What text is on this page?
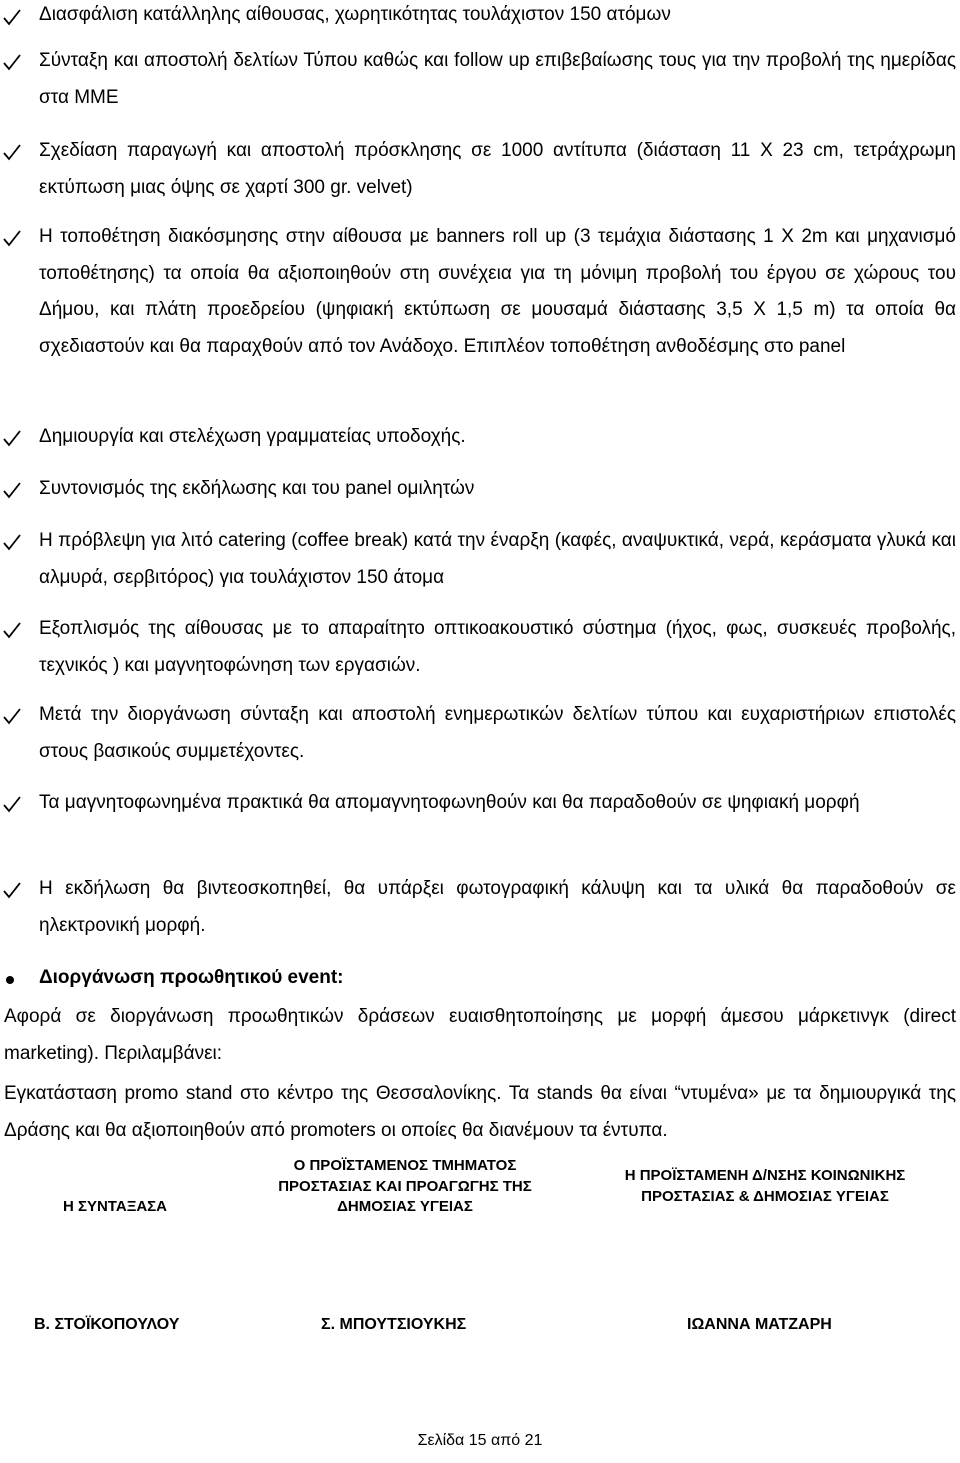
Διασφάλιση κατάλληλης αίθουσας, χωρητικότητας τουλάχιστον 150 ατόμων

Σύνταξη και αποστολή δελτίων Τύπου καθώς και follow up επιβεβαίωσης τους για την προβολή της ημερίδας στα ΜΜΕ

Σχεδίαση παραγωγή και αποστολή πρόσκλησης σε 1000 αντίτυπα (διάσταση 11 Χ 23 cm, τετράχρωμη εκτύπωση μιας όψης σε χαρτί 300 gr. velvet)

Η τοποθέτηση διακόσμησης στην αίθουσα με banners roll up (3 τεμάχια διάστασης 1 Χ 2m και μηχανισμό τοποθέτησης) τα οποία θα αξιοποιηθούν στη συνέχεια για τη μόνιμη προβολή του έργου σε χώρους του Δήμου, και πλάτη προεδρείου (ψηφιακή εκτύπωση σε μουσαμά διάστασης 3,5 Χ 1,5 m) τα οποία θα σχεδιαστούν και θα παραχθούν από τον Ανάδοχο. Επιπλέον τοποθέτηση ανθοδέσμης στο panel

Δημιουργία και στελέχωση γραμματείας υποδοχής.

Συντονισμός της εκδήλωσης και του panel ομιλητών

Η πρόβλεψη για λιτό catering (coffee break) κατά την έναρξη (καφές, αναψυκτικά, νερά, κεράσματα γλυκά και αλμυρά, σερβιτόρος) για τουλάχιστον 150 άτομα

Εξοπλισμός της αίθουσας με το απαραίτητο οπτικοακουστικό σύστημα (ήχος, φως, συσκευές προβολής, τεχνικός ) και μαγνητοφώνηση των εργασιών.

Μετά την διοργάνωση σύνταξη και αποστολή ενημερωτικών δελτίων τύπου και ευχαριστήριων επιστολές στους βασικούς συμμετέχοντες.

Τα μαγνητοφωνημένα πρακτικά θα απομαγνητοφωνηθούν και θα παραδοθούν σε ψηφιακή μορφή

Η εκδήλωση θα βιντεοσκοπηθεί, θα υπάρξει φωτογραφική κάλυψη και τα υλικά θα παραδοθούν σε ηλεκτρονική μορφή.

Διοργάνωση προωθητικού event:

Αφορά σε διοργάνωση προωθητικών δράσεων ευαισθητοποίησης με μορφή άμεσου μάρκετινγκ (direct marketing). Περιλαμβάνει:

Εγκατάσταση promo stand στο κέντρο της Θεσσαλονίκης. Τα stands θα είναι “ντυμένα» με τα δημιουργικά της Δράσης και θα αξιοποιηθούν από promoters οι οποίες θα διανέμουν τα έντυπα.

Η ΣΥΝΤΑΞΑΣΑ
Ο ΠΡΟΪΣΤΑΜΕΝΟΣ ΤΜΗΜΑΤΟΣ ΠΡΟΣΤΑΣΙΑΣ ΚΑΙ ΠΡΟΑΓΩΓΗΣ ΤΗΣ ΔΗΜΟΣΙΑΣ ΥΓΕΙΑΣ
Η ΠΡΟΪΣΤΑΜΕΝΗ Δ/ΝΣΗΣ ΚΟΙΝΩΝΙΚΗΣ ΠΡΟΣΤΑΣΙΑΣ & ΔΗΜΟΣΙΑΣ ΥΓΕΙΑΣ
Β. ΣΤΟΪΚΟΠΟΥΛΟΥ	Σ. ΜΠΟΥΤΣΙΟΥΚΗΣ	ΙΩΑΝΝΑ ΜΑΤΖΑΡΗ
Σελίδα 15 από 21
